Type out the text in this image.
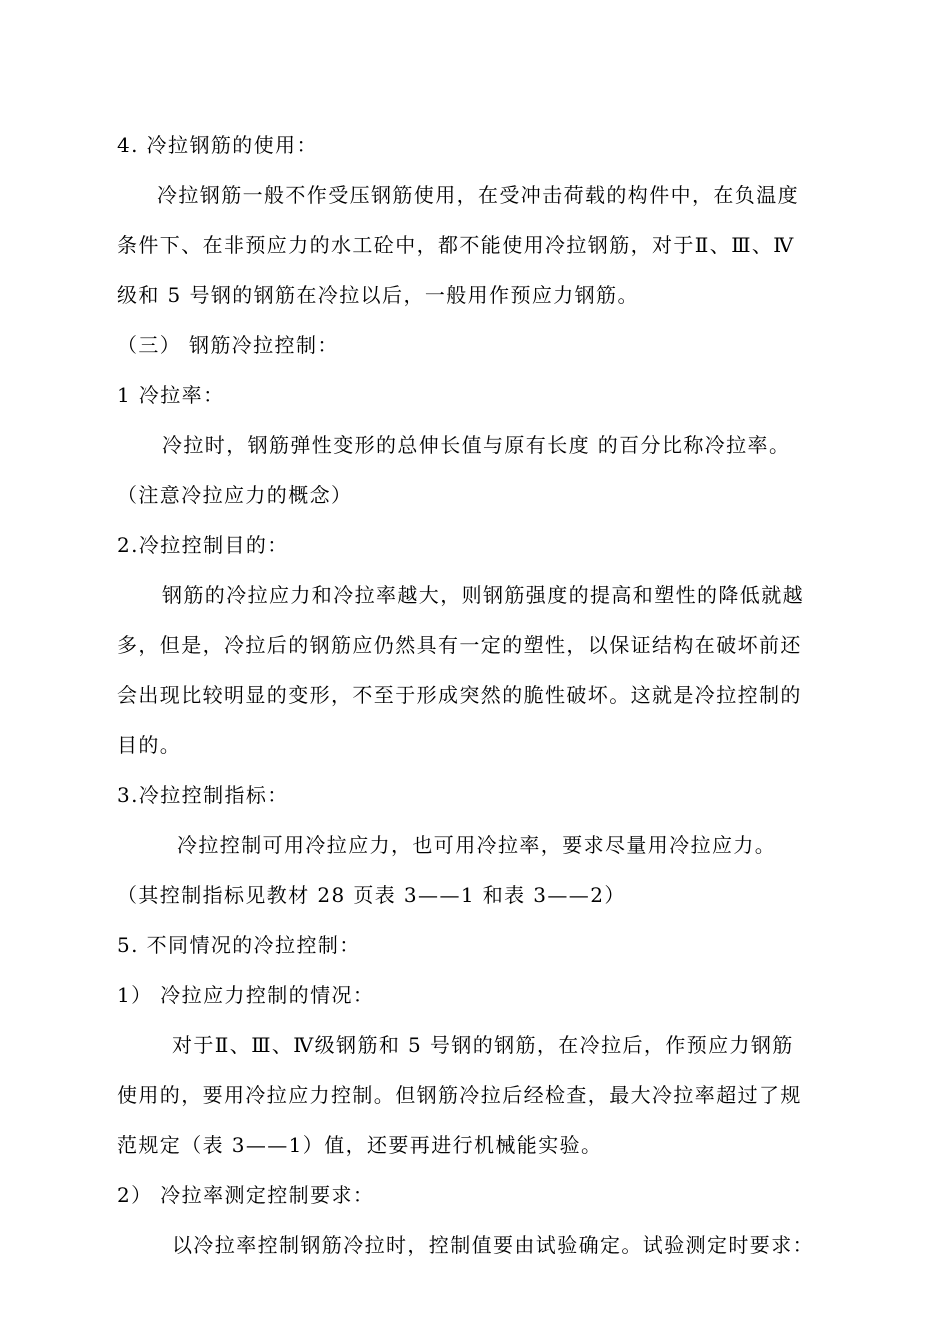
4. 冷拉钢筋的使用：
冷拉钢筋一般不作受压钢筋使用，在受冲击荷载的构件中，在负温度
条件下、在非预应力的水工砼中，都不能使用冷拉钢筋，对于Ⅱ、Ⅲ、Ⅳ
级和 5 号钢的钢筋在冷拉以后，一般用作预应力钢筋。
（三） 钢筋冷拉控制：
1 冷拉率：
冷拉时，钢筋弹性变形的总伸长值与原有长度 的百分比称冷拉率。
（注意冷拉应力的概念）
2.冷拉控制目的：
钢筋的冷拉应力和冷拉率越大，则钢筋强度的提高和塑性的降低就越
多，但是，冷拉后的钢筋应仍然具有一定的塑性，以保证结构在破坏前还
会出现比较明显的变形，不至于形成突然的脆性破坏。这就是冷拉控制的
目的。
3.冷拉控制指标：
冷拉控制可用冷拉应力，也可用冷拉率，要求尽量用冷拉应力。
（其控制指标见教材 28 页表 3——1 和表 3——2）
5. 不同情况的冷拉控制：
1） 冷拉应力控制的情况：
对于Ⅱ、Ⅲ、Ⅳ级钢筋和 5 号钢的钢筋，在冷拉后，作预应力钢筋
使用的，要用冷拉应力控制。但钢筋冷拉后经检查，最大冷拉率超过了规
范规定（表 3——1）值，还要再进行机械能实验。
2） 冷拉率测定控制要求：
以冷拉率控制钢筋冷拉时，控制值要由试验确定。试验测定时要求：
